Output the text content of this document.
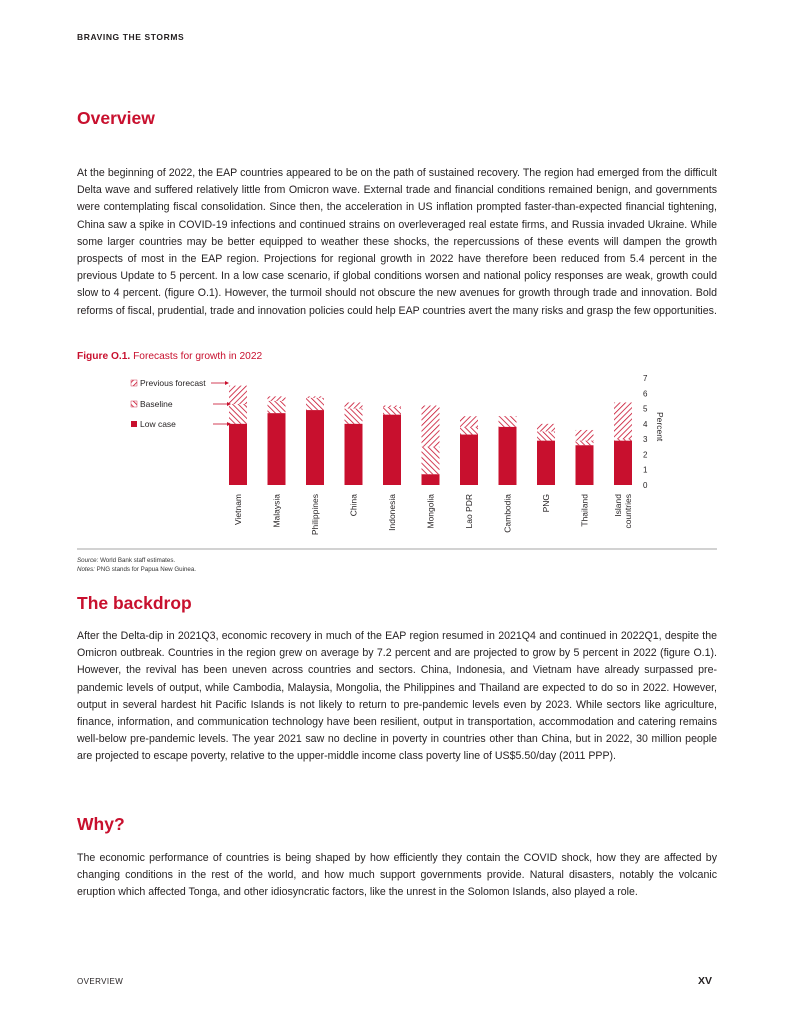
BRAVING THE STORMS
Overview

At the beginning of 2022, the EAP countries appeared to be on the path of sustained recovery. The region had emerged from the difficult Delta wave and suffered relatively little from Omicron wave. External trade and financial conditions remained benign, and governments were contemplating fiscal consolidation. Since then, the acceleration in US inflation prompted faster-than-expected financial tightening, China saw a spike in COVID-19 infections and continued strains on overleveraged real estate firms, and Russia invaded Ukraine. While some larger countries may be better equipped to weather these shocks, the repercussions of these events will dampen the growth prospects of most in the EAP region. Projections for regional growth in 2022 have therefore been reduced from 5.4 percent in the previous Update to 5 percent. In a low case scenario, if global conditions worsen and national policy responses are weak, growth could slow to 4 percent. (figure O.1). However, the turmoil should not obscure the new avenues for growth through trade and innovation. Bold reforms of fiscal, prudential, trade and innovation policies could help EAP countries avert the many risks and grasp the few opportunities.

Figure O.1. Forecasts for growth in 2022
Vietnam	Malaysia	Philippines	China	Indonesia	Mongolia	Lao PDR	Cambodia	PNG	Thailand	Islandcountries
0
1
2
3
4
5
6
7
Percent
Previous forecast
Baseline
Low case
Source: World Bank staff estimates.
Notes: PNG stands for Papua New Guinea.
The backdrop

After the Delta-dip in 2021Q3, economic recovery in much of the EAP region resumed in 2021Q4 and continued in 2022Q1, despite the Omicron outbreak. Countries in the region grew on average by 7.2 percent and are projected to grow by 5 percent in 2022 (figure O.1). However, the revival has been uneven across countries and sectors. China, Indonesia, and Vietnam have already surpassed pre-pandemic levels of output, while Cambodia, Malaysia, Mongolia, the Philippines and Thailand are expected to do so in 2022. However, output in several hardest hit Pacific Islands is not likely to return to pre-pandemic levels even by 2023. While sectors like agriculture, finance, information, and communication technology have been resilient, output in transportation, accommodation and catering remains well-below pre-pandemic levels. The year 2021 saw no decline in poverty in countries other than China, but in 2022, 30 million people are projected to escape poverty, relative to the upper-middle income class poverty line of US$5.50/day (2011 PPP).

Why?

The economic performance of countries is being shaped by how efficiently they contain the COVID shock, how they are affected by changing conditions in the rest of the world, and how much support governments provide. Natural disasters, notably the volcanic eruption which affected Tonga, and other idiosyncratic factors, like the unrest in the Solomon Islands, also played a role.

OVERVIEW	XV
